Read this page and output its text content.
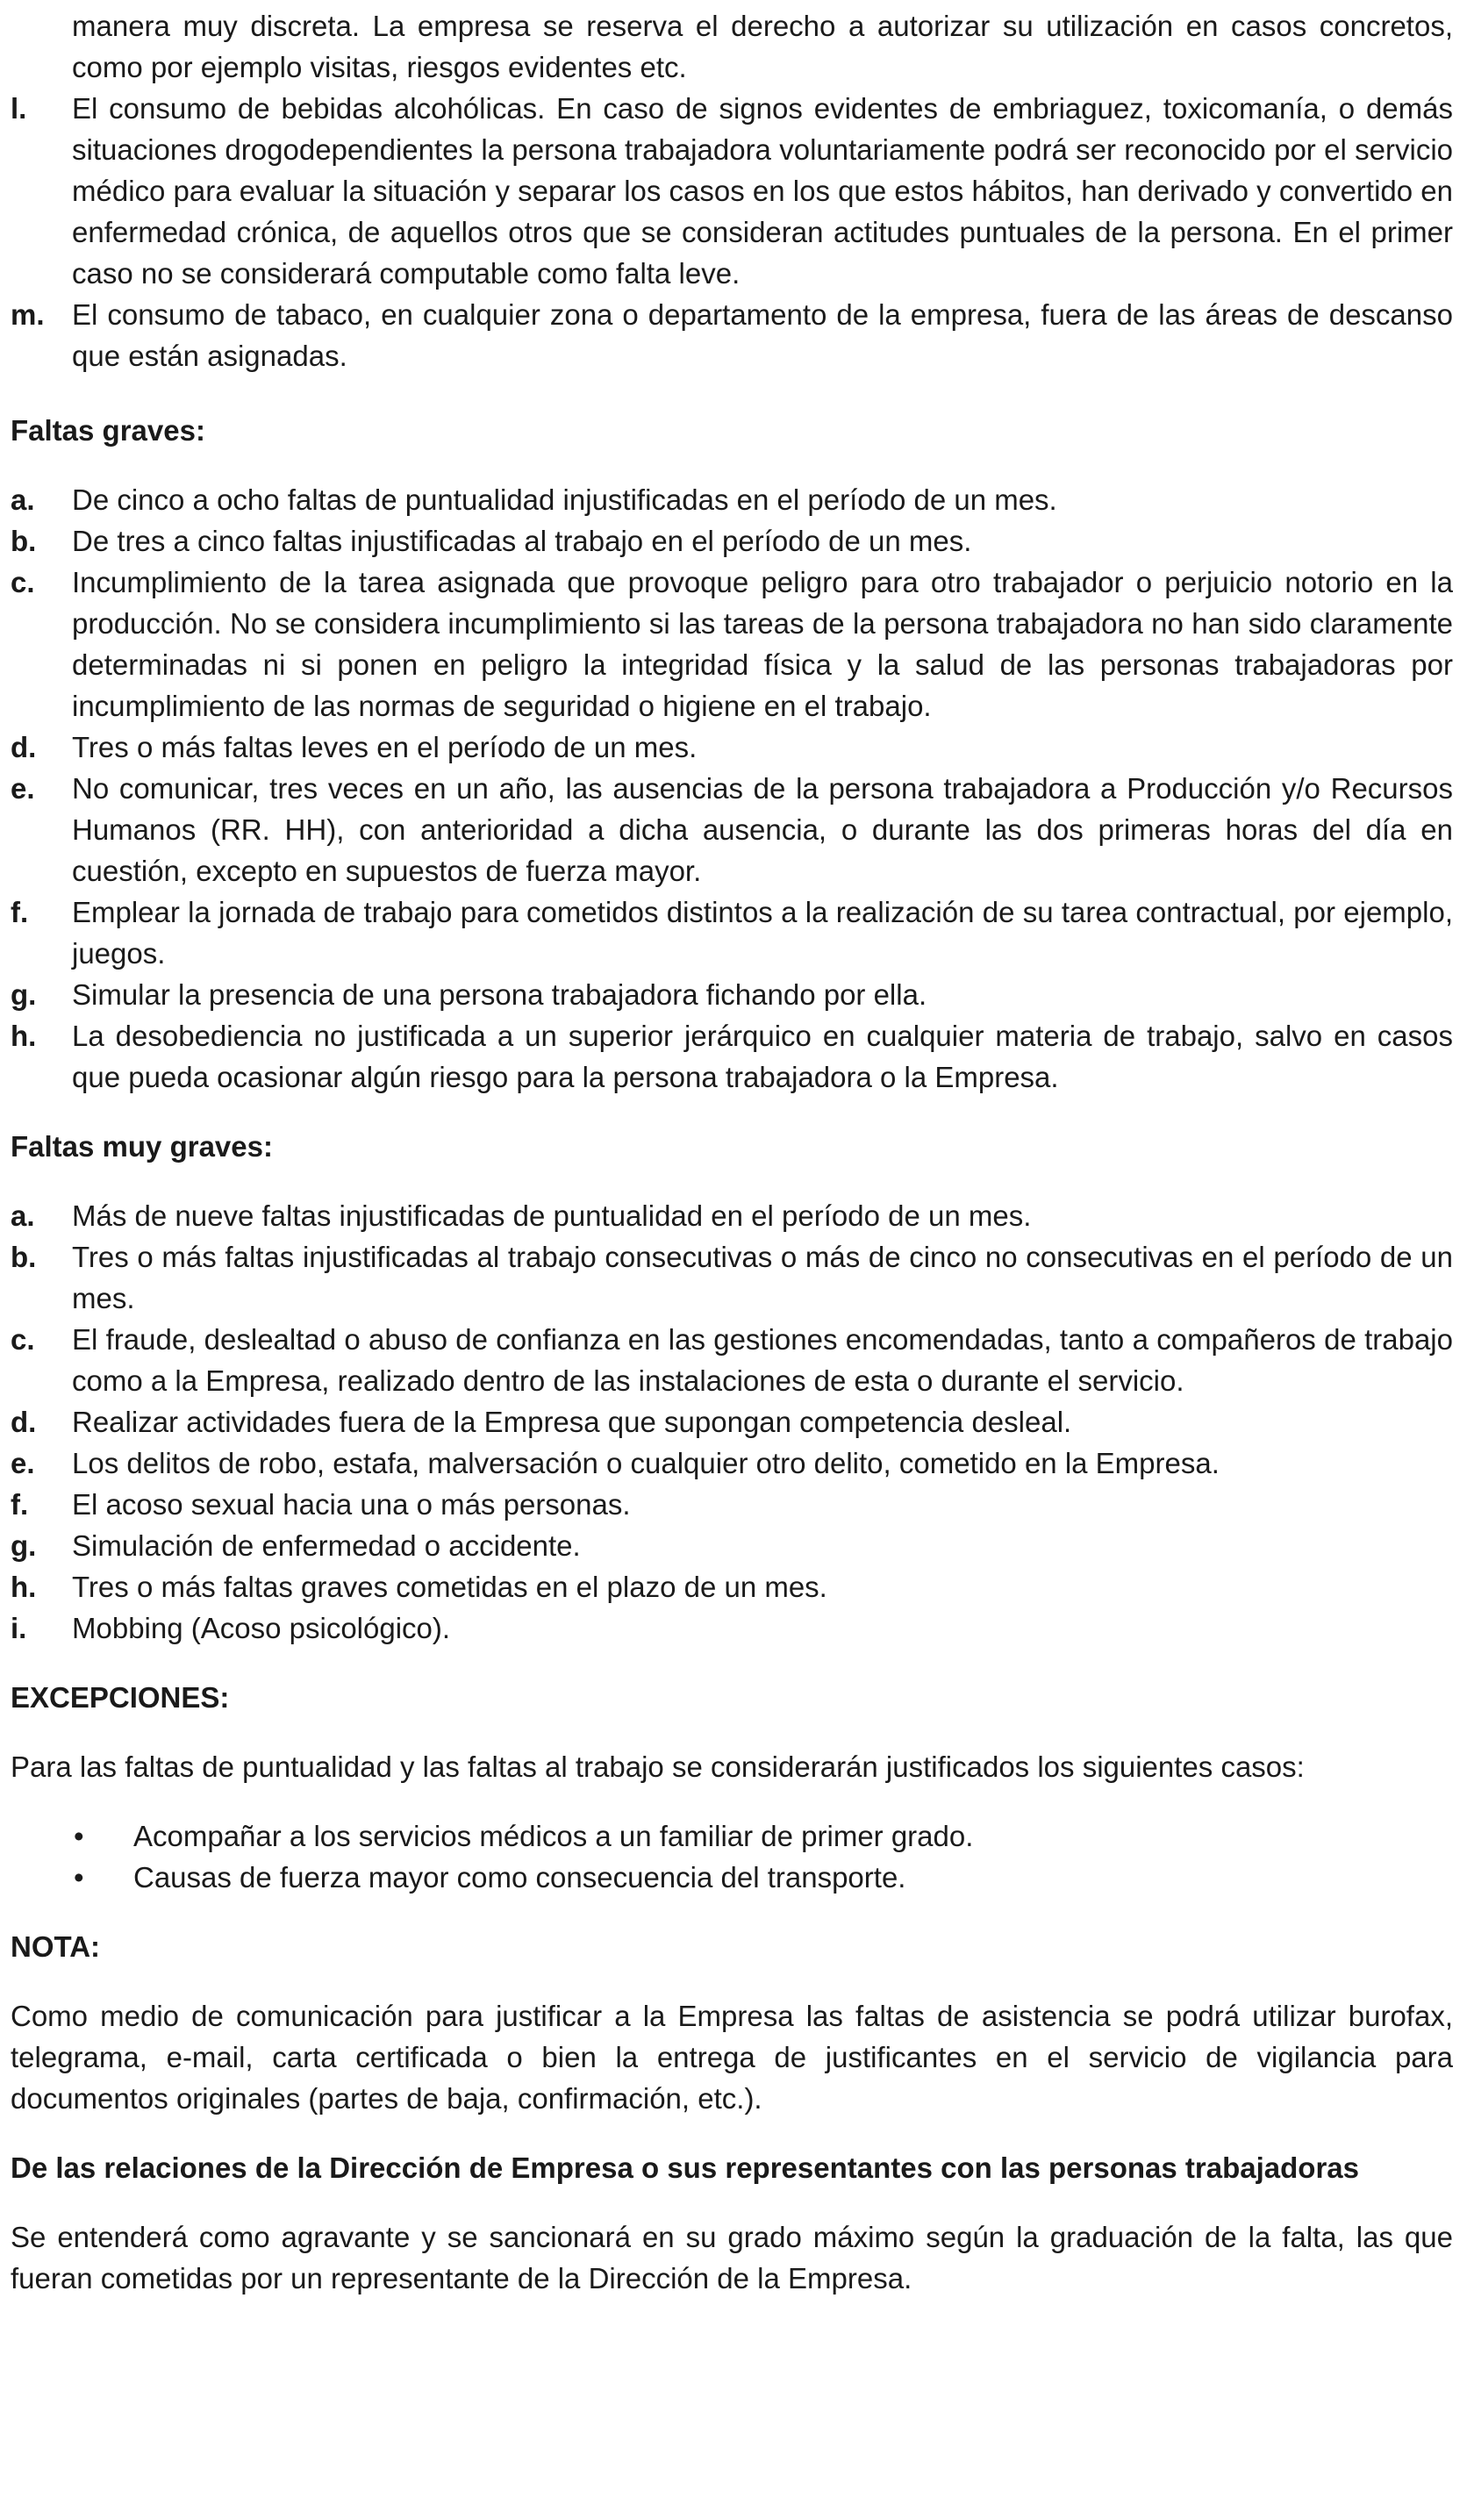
manera muy discreta. La empresa se reserva el derecho a autorizar su utilización en casos concretos, como por ejemplo visitas, riesgos evidentes etc.
l. El consumo de bebidas alcohólicas. En caso de signos evidentes de embriaguez, toxicomanía, o demás situaciones drogodependientes la persona trabajadora voluntariamente podrá ser reconocido por el servicio médico para evaluar la situación y separar los casos en los que estos hábitos, han derivado y convertido en enfermedad crónica, de aquellos otros que se consideran actitudes puntuales de la persona. En el primer caso no se considerará computable como falta leve.
m. El consumo de tabaco, en cualquier zona o departamento de la empresa, fuera de las áreas de descanso que están asignadas.
Faltas graves:
a. De cinco a ocho faltas de puntualidad injustificadas en el período de un mes.
b. De tres a cinco faltas injustificadas al trabajo en el período de un mes.
c. Incumplimiento de la tarea asignada que provoque peligro para otro trabajador o perjuicio notorio en la producción. No se considera incumplimiento si las tareas de la persona trabajadora no han sido claramente determinadas ni si ponen en peligro la integridad física y la salud de las personas trabajadoras por incumplimiento de las normas de seguridad o higiene en el trabajo.
d. Tres o más faltas leves en el período de un mes.
e. No comunicar, tres veces en un año, las ausencias de la persona trabajadora a Producción y/o Recursos Humanos (RR. HH), con anterioridad a dicha ausencia, o durante las dos primeras horas del día en cuestión, excepto en supuestos de fuerza mayor.
f. Emplear la jornada de trabajo para cometidos distintos a la realización de su tarea contractual, por ejemplo, juegos.
g. Simular la presencia de una persona trabajadora fichando por ella.
h. La desobediencia no justificada a un superior jerárquico en cualquier materia de trabajo, salvo en casos que pueda ocasionar algún riesgo para la persona trabajadora o la Empresa.
Faltas muy graves:
a. Más de nueve faltas injustificadas de puntualidad en el período de un mes.
b. Tres o más faltas injustificadas al trabajo consecutivas o más de cinco no consecutivas en el período de un mes.
c. El fraude, deslealtad o abuso de confianza en las gestiones encomendadas, tanto a compañeros de trabajo como a la Empresa, realizado dentro de las instalaciones de esta o durante el servicio.
d. Realizar actividades fuera de la Empresa que supongan competencia desleal.
e. Los delitos de robo, estafa, malversación o cualquier otro delito, cometido en la Empresa.
f. El acoso sexual hacia una o más personas.
g. Simulación de enfermedad o accidente.
h. Tres o más faltas graves cometidas en el plazo de un mes.
i. Mobbing (Acoso psicológico).
EXCEPCIONES:
Para las faltas de puntualidad y las faltas al trabajo se considerarán justificados los siguientes casos:
• Acompañar a los servicios médicos a un familiar de primer grado.
• Causas de fuerza mayor como consecuencia del transporte.
NOTA:
Como medio de comunicación para justificar a la Empresa las faltas de asistencia se podrá utilizar burofax, telegrama, e-mail, carta certificada o bien la entrega de justificantes en el servicio de vigilancia para documentos originales (partes de baja, confirmación, etc.).
De las relaciones de la Dirección de Empresa o sus representantes con las personas trabajadoras
Se entenderá como agravante y se sancionará en su grado máximo según la graduación de la falta, las que fueran cometidas por un representante de la Dirección de la Empresa.
